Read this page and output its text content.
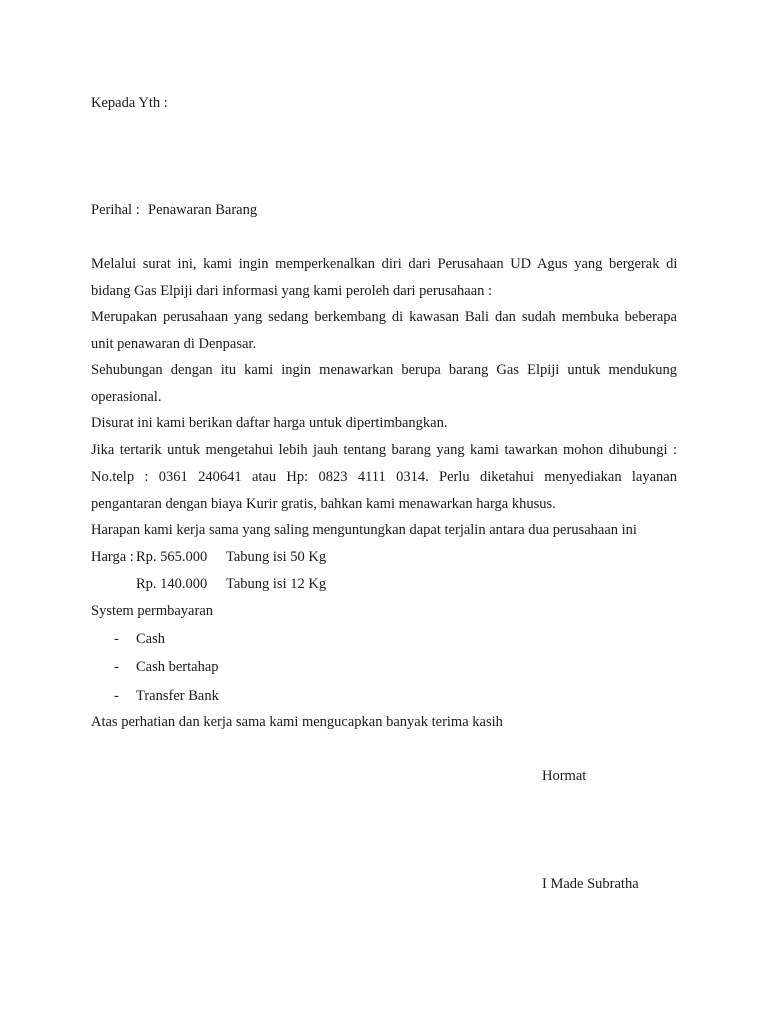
Kepada Yth :
Perihal : Penawaran Barang
Melalui surat ini, kami ingin memperkenalkan diri dari Perusahaan UD Agus yang bergerak di
bidang Gas Elpiji dari informasi yang kami peroleh dari perusahaan :
Merupakan perusahaan yang sedang berkembang di kawasan Bali dan sudah membuka beberapa
unit penawaran di Denpasar.
Sehubungan dengan itu kami ingin menawarkan berupa barang Gas Elpiji untuk mendukung
operasional.
Disurat ini kami berikan daftar harga untuk dipertimbangkan.
Jika tertarik untuk mengetahui lebih jauh tentang barang yang kami tawarkan mohon dihubungi :
No.telp : 0361 240641 atau Hp: 0823 4111 0314. Perlu diketahui menyediakan layanan
pengantaran dengan biaya Kurir gratis, bahkan kami menawarkan harga khusus.
Harapan kami kerja sama yang saling menguntungkan dapat terjalin antara dua perusahaan ini
Harga : Rp. 565.000 Tabung isi 50 Kg
Rp. 140.000 Tabung isi 12 Kg
System permbayaran
- Cash
- Cash bertahap
- Transfer Bank
Atas perhatian dan kerja sama kami mengucapkan banyak terima kasih
Hormat
I Made Subratha
